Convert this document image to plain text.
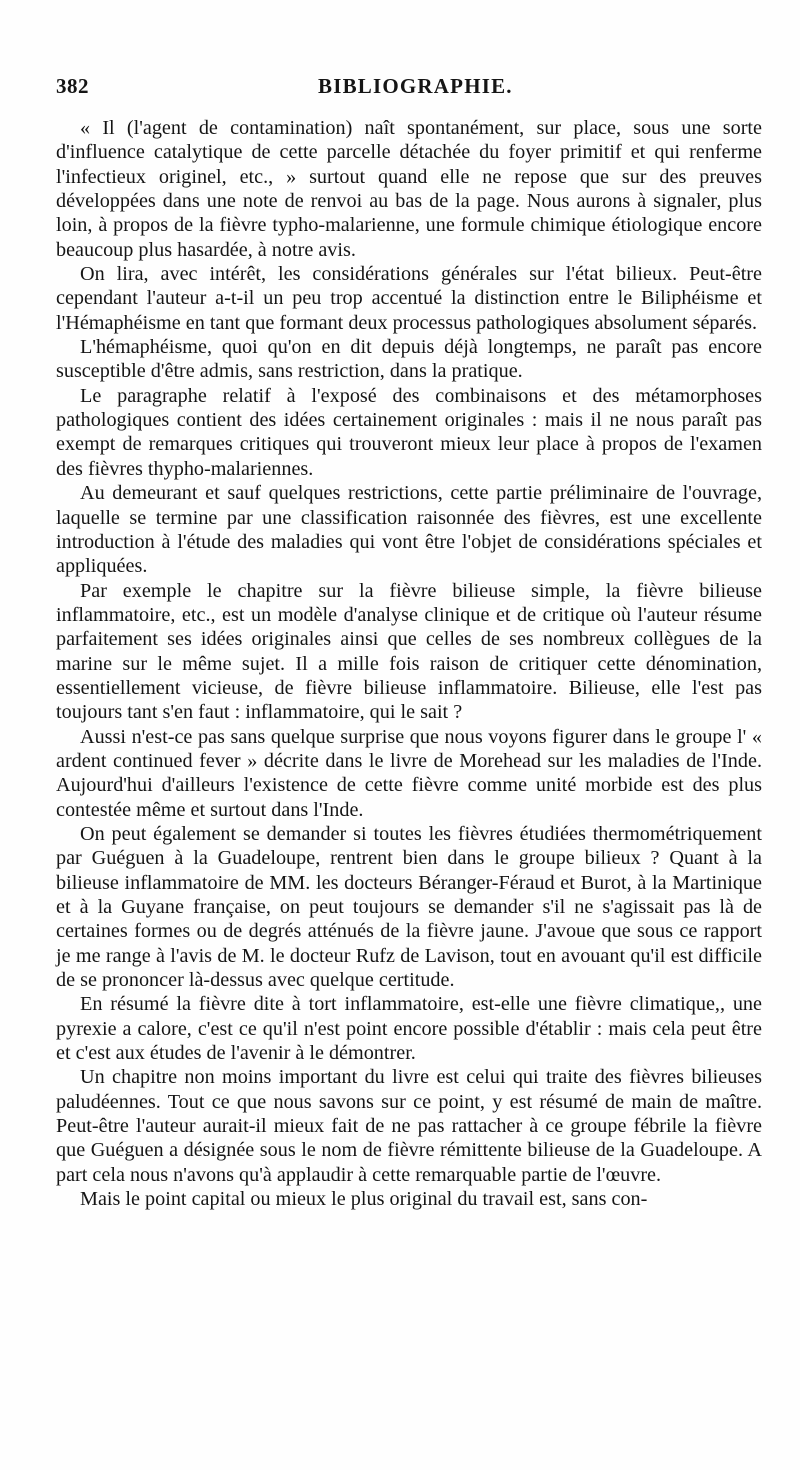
382	BIBLIOGRAPHIE.

« Il (l'agent de contamination) naît spontanément, sur place, sous une sorte d'influence catalytique de cette parcelle détachée du foyer primitif et qui renferme l'infectieux originel, etc., » surtout quand elle ne repose que sur des preuves développées dans une note de renvoi au bas de la page. Nous aurons à signaler, plus loin, à propos de la fièvre typho-malarienne, une formule chimique étiologique encore beaucoup plus hasardée, à notre avis.

On lira, avec intérêt, les considérations générales sur l'état bilieux. Peut-être cependant l'auteur a-t-il un peu trop accentué la distinction entre le Biliphéisme et l'Hémaphéisme en tant que formant deux processus pathologiques absolument séparés.

L'hémaphéisme, quoi qu'on en dit depuis déjà longtemps, ne paraît pas encore susceptible d'être admis, sans restriction, dans la pratique.

Le paragraphe relatif à l'exposé des combinaisons et des métamorphoses pathologiques contient des idées certainement originales : mais il ne nous paraît pas exempt de remarques critiques qui trouveront mieux leur place à propos de l'examen des fièvres thypho-malariennes.

Au demeurant et sauf quelques restrictions, cette partie préliminaire de l'ouvrage, laquelle se termine par une classification raisonnée des fièvres, est une excellente introduction à l'étude des maladies qui vont être l'objet de considérations spéciales et appliquées.

Par exemple le chapitre sur la fièvre bilieuse simple, la fièvre bilieuse inflammatoire, etc., est un modèle d'analyse clinique et de critique où l'auteur résume parfaitement ses idées originales ainsi que celles de ses nombreux collègues de la marine sur le même sujet. Il a mille fois raison de critiquer cette dénomination, essentiellement vicieuse, de fièvre bilieuse inflammatoire. Bilieuse, elle l'est pas toujours tant s'en faut : inflammatoire, qui le sait ?

Aussi n'est-ce pas sans quelque surprise que nous voyons figurer dans le groupe l' « ardent continued fever » décrite dans le livre de Morehead sur les maladies de l'Inde. Aujourd'hui d'ailleurs l'existence de cette fièvre comme unité morbide est des plus contestée même et surtout dans l'Inde.

On peut également se demander si toutes les fièvres étudiées thermométriquement par Guéguen à la Guadeloupe, rentrent bien dans le groupe bilieux ? Quant à la bilieuse inflammatoire de MM. les docteurs Béranger-Féraud et Burot, à la Martinique et à la Guyane française, on peut toujours se demander s'il ne s'agissait pas là de certaines formes ou de degrés atténués de la fièvre jaune. J'avoue que sous ce rapport je me range à l'avis de M. le docteur Rufz de Lavison, tout en avouant qu'il est difficile de se prononcer là-dessus avec quelque certitude.

En résumé la fièvre dite à tort inflammatoire, est-elle une fièvre climatique,, une pyrexie a calore, c'est ce qu'il n'est point encore possible d'établir : mais cela peut être et c'est aux études de l'avenir à le démontrer.

Un chapitre non moins important du livre est celui qui traite des fièvres bilieuses paludéennes. Tout ce que nous savons sur ce point, y est résumé de main de maître. Peut-être l'auteur aurait-il mieux fait de ne pas rattacher à ce groupe fébrile la fièvre que Guéguen a désignée sous le nom de fièvre rémittente bilieuse de la Guadeloupe. A part cela nous n'avons qu'à applaudir à cette remarquable partie de l'œuvre.

Mais le point capital ou mieux le plus original du travail est, sans con-
